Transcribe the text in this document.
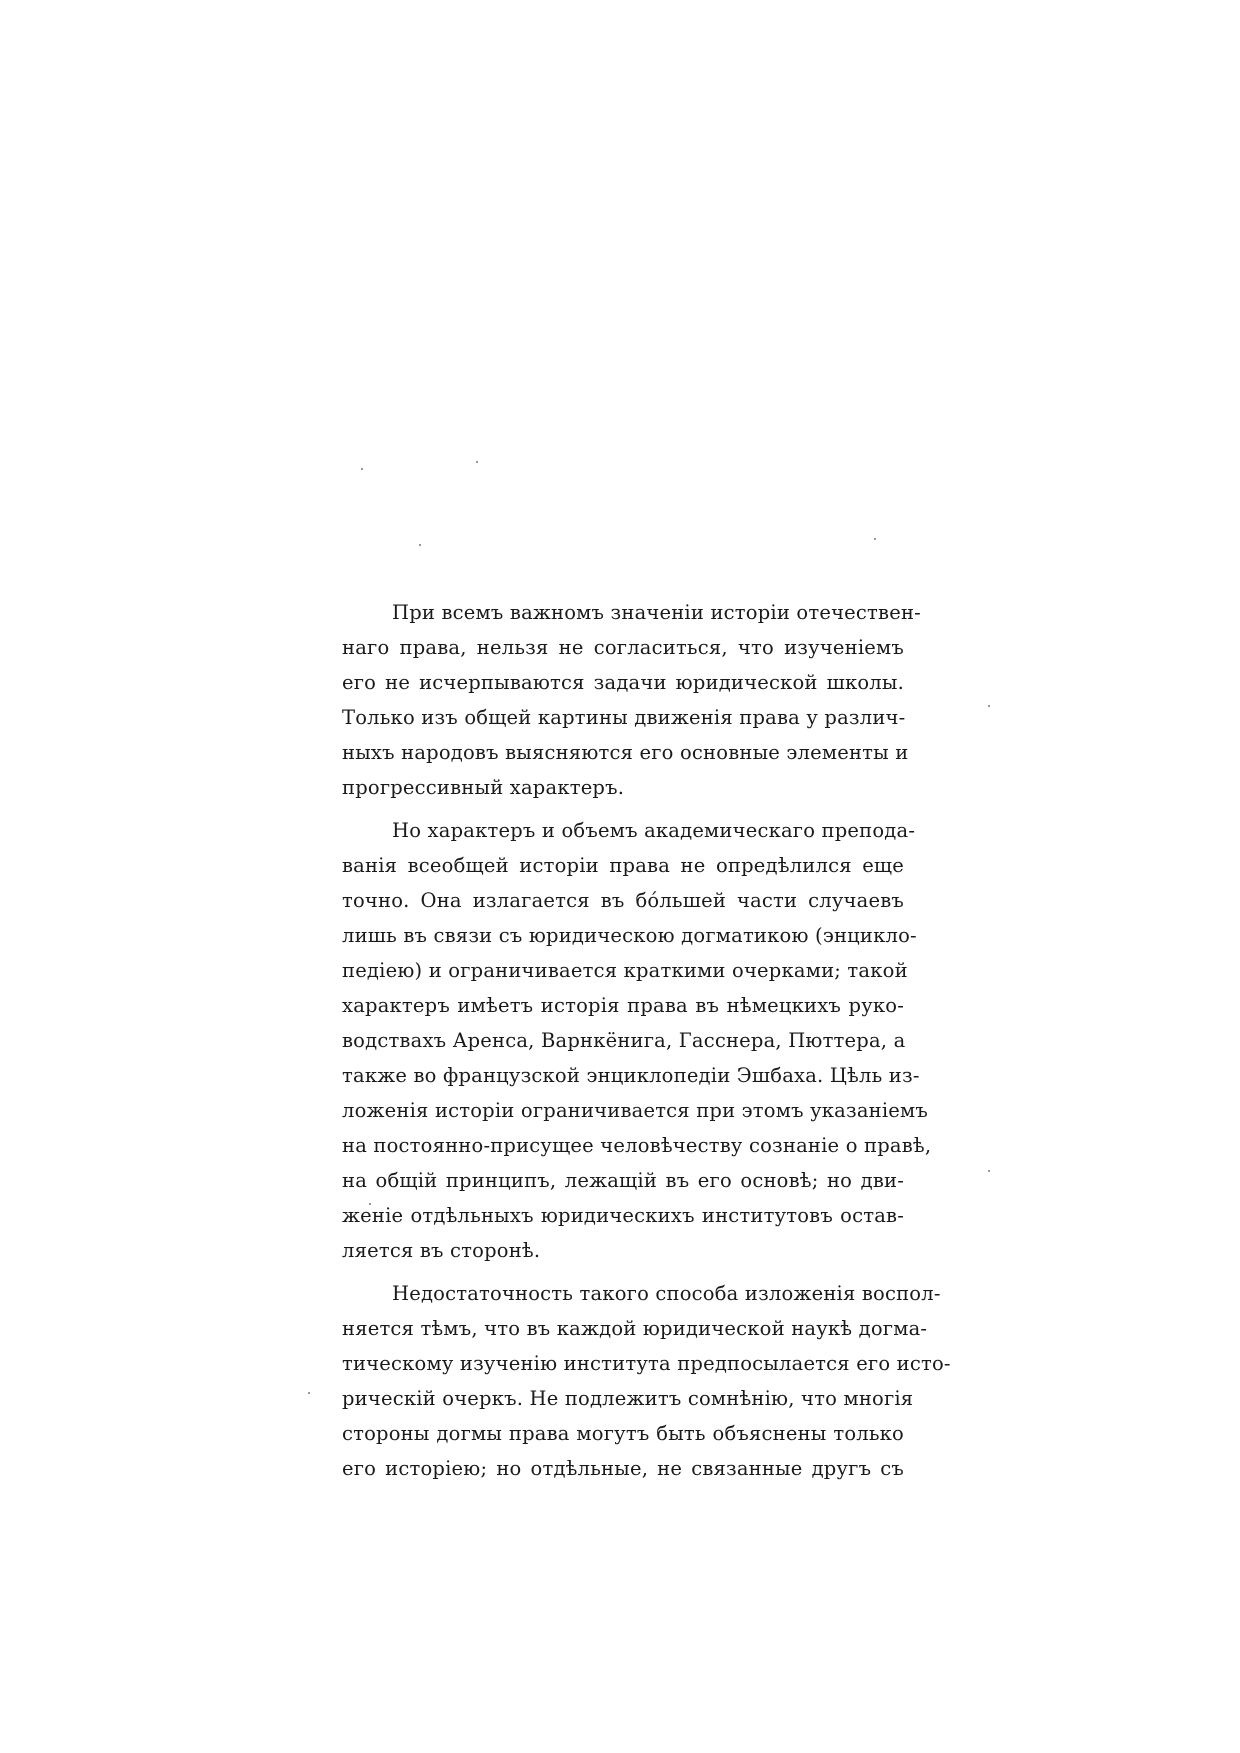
При всемъ важномъ значенiи исторiи отечествен-
наго права, нельзя не согласиться, что изученiемъ
его не исчерпываются задачи юридической школы.
Только изъ общей картины движенiя права у различ-
ныхъ народовъ выясняются его основные элементы и
прогрессивный характеръ.
Но характеръ и объемъ академическаго препода-
ванiя всеобщей исторiи права не опредѣлился еще
точно. Она излагается въ бóльшей части случаевъ
лишь въ связи съ юридическою догматикою (энцикло-
педiею) и ограничивается краткими очерками; такой
характеръ имѣетъ исторiя права въ нѣмецкихъ руко-
водствахъ Аренса, Варнкёнига, Гасснера, Пюттера, а
также во французской энциклопедiи Эшбаха. Цѣль из-
ложенiя исторiи ограничивается при этомъ указанiемъ
на постоянно-присущее человѣчеству сознанiе о правѣ,
на общiй принципъ, лежащiй въ его основѣ; но дви-
женiе отдѣльныхъ юридическихъ институтовъ остав-
ляется въ сторонѣ.
Недостаточность такого способа изложенiя воспол-
няется тѣмъ, что въ каждой юридической наукѣ догма-
тическому изученiю института предпосылается его истo-
рическiй очеркъ. Не подлежитъ сомнѣнiю, что многiя
стороны догмы права могутъ быть объяснены только
его исторiею; но отдѣльные, не связанные другъ съ
